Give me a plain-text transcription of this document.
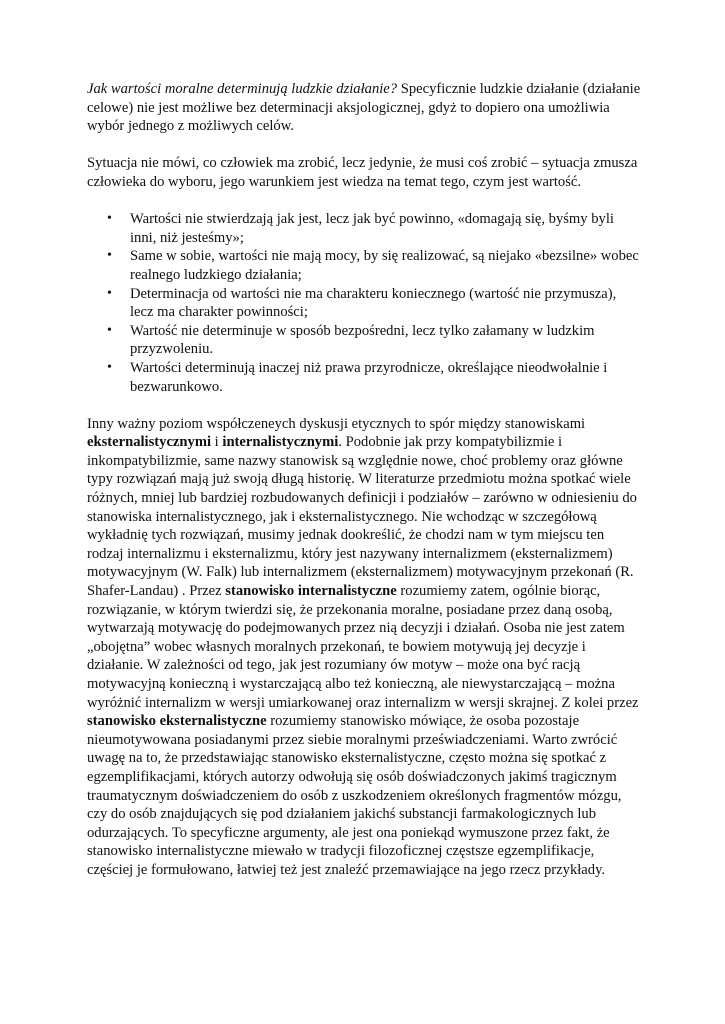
Jak wartości moralne determinują ludzkie działanie? Specyficznie ludzkie działanie (działanie celowe) nie jest możliwe bez determinacji aksjologicznej, gdyż to dopiero ona umożliwia wybór jednego z możliwych celów.

Sytuacja nie mówi, co człowiek ma zrobić, lecz jedynie, że musi coś zrobić – sytuacja zmusza człowieka do wyboru, jego warunkiem jest wiedza na temat tego, czym jest wartość.

• Wartości nie stwierdzają jak jest, lecz jak być powinno, «domagają się, byśmy byli inni, niż jesteśmy»;
• Same w sobie, wartości nie mają mocy, by się realizować, są niejako «bezsilne» wobec realnego ludzkiego działania;
• Determinacja od wartości nie ma charakteru koniecznego (wartość nie przymusza), lecz ma charakter powinności;
• Wartość nie determinuje w sposób bezpośredni, lecz tylko załamany w ludzkim przyzwoleniu.
• Wartości determinują inaczej niż prawa przyrodnicze, określające nieodwołalnie i bezwarunkowo.

Inny ważny poziom współczeneych dyskusji etycznych to spór między stanowiskami eksternalistycznymi i internalistycznymi. Podobnie jak przy kompatybilizmie i inkompatybilizmie, same nazwy stanowisk są względnie nowe, choć problemy oraz główne typy rozwiązań mają już swoją długą historię. W literaturze przedmiotu można spotkać wiele różnych, mniej lub bardziej rozbudowanych definicji i podziałów – zarówno w odniesieniu do stanowiska internalistycznego, jak i eksternalistycznego. Nie wchodząc w szczegółową wykładnię tych rozwiązań, musimy jednak dookreślić, że chodzi nam w tym miejscu ten rodzaj internalizmu i eksternalizmu, który jest nazywany internalizmem (eksternalizmem) motywacyjnym (W. Falk) lub internalizmem (eksternalizmem) motywacyjnym przekonań (R. Shafer-Landau) . Przez stanowisko internalistyczne rozumiemy zatem, ogólnie biorąc, rozwiązanie, w którym twierdzi się, że przekonania moralne, posiadane przez daną osobą, wytwarzają motywację do podejmowanych przez nią decyzji i działań. Osoba nie jest zatem „obojętna” wobec własnych moralnych przekonań, te bowiem motywują jej decyzje i działanie. W zależności od tego, jak jest rozumiany ów motyw – może ona być racją motywacyjną konieczną i wystarczającą albo też konieczną, ale niewystarczającą – można wyróżnić internalizm w wersji umiarkowanej oraz internalizm w wersji skrajnej. Z kolei przez stanowisko eksternalistyczne rozumiemy stanowisko mówiące, że osoba pozostaje nieumotywowana posiadanymi przez siebie moralnymi przeświadczeniami. Warto zwrócić uwagę na to, że przedstawiając stanowisko eksternalistyczne, często można się spotkać z egzemplifikacjami, których autorzy odwołują się osób doświadczonych jakimś tragicznym traumatycznym doświadczeniem do osób z uszkodzeniem określonych fragmentów mózgu, czy do osób znajdujących się pod działaniem jakichś substancji farmakologicznych lub odurzających. To specyficzne argumenty, ale jest ona poniekąd wymuszone przez fakt, że stanowisko internalistyczne miewało w tradycji filozoficznej częstsze egzemplifikacje, częściej je formułowano, łatwiej też jest znaleźć przemawiające na jego rzecz przykłady.
